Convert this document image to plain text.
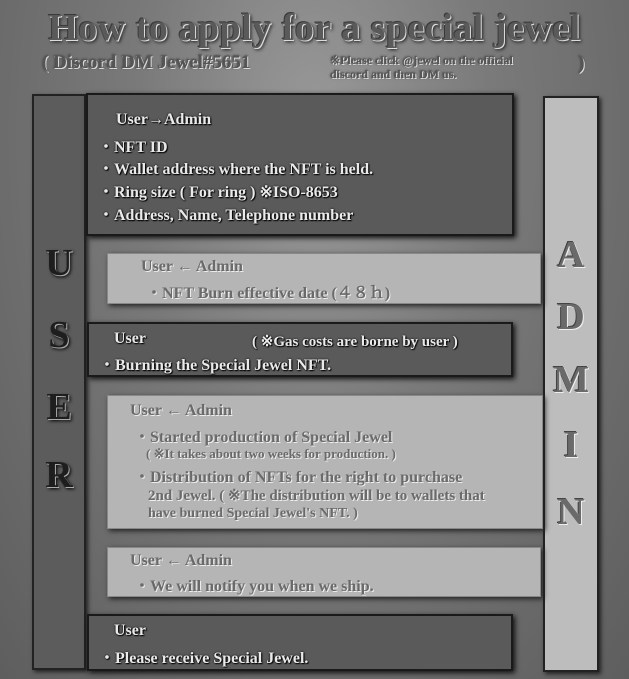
How to apply for a special jewel
( Discord DM Jewel#5651	※Please click @jewel on the official
discord and then DM us.	)
U
S
E
R
A
D
M
I
N
User→Admin
・NFT ID
・Wallet address where the NFT is held.
・Ring size ( For ring ) ※ISO-8653
・Address, Name, Telephone number
User ← Admin
・NFT Burn effective date (４８ｈ)
User	( ※Gas costs are borne by user )
・Burning the Special Jewel NFT.
User ← Admin
・Started production of Special Jewel
( ※It takes about two weeks for production. )
・Distribution of NFTs for the right to purchase
2nd Jewel. ( ※The distribution will be to wallets that
have burned Special Jewel's NFT. )
User ← Admin
・We will notify you when we ship.
User
・Please receive Special Jewel.
